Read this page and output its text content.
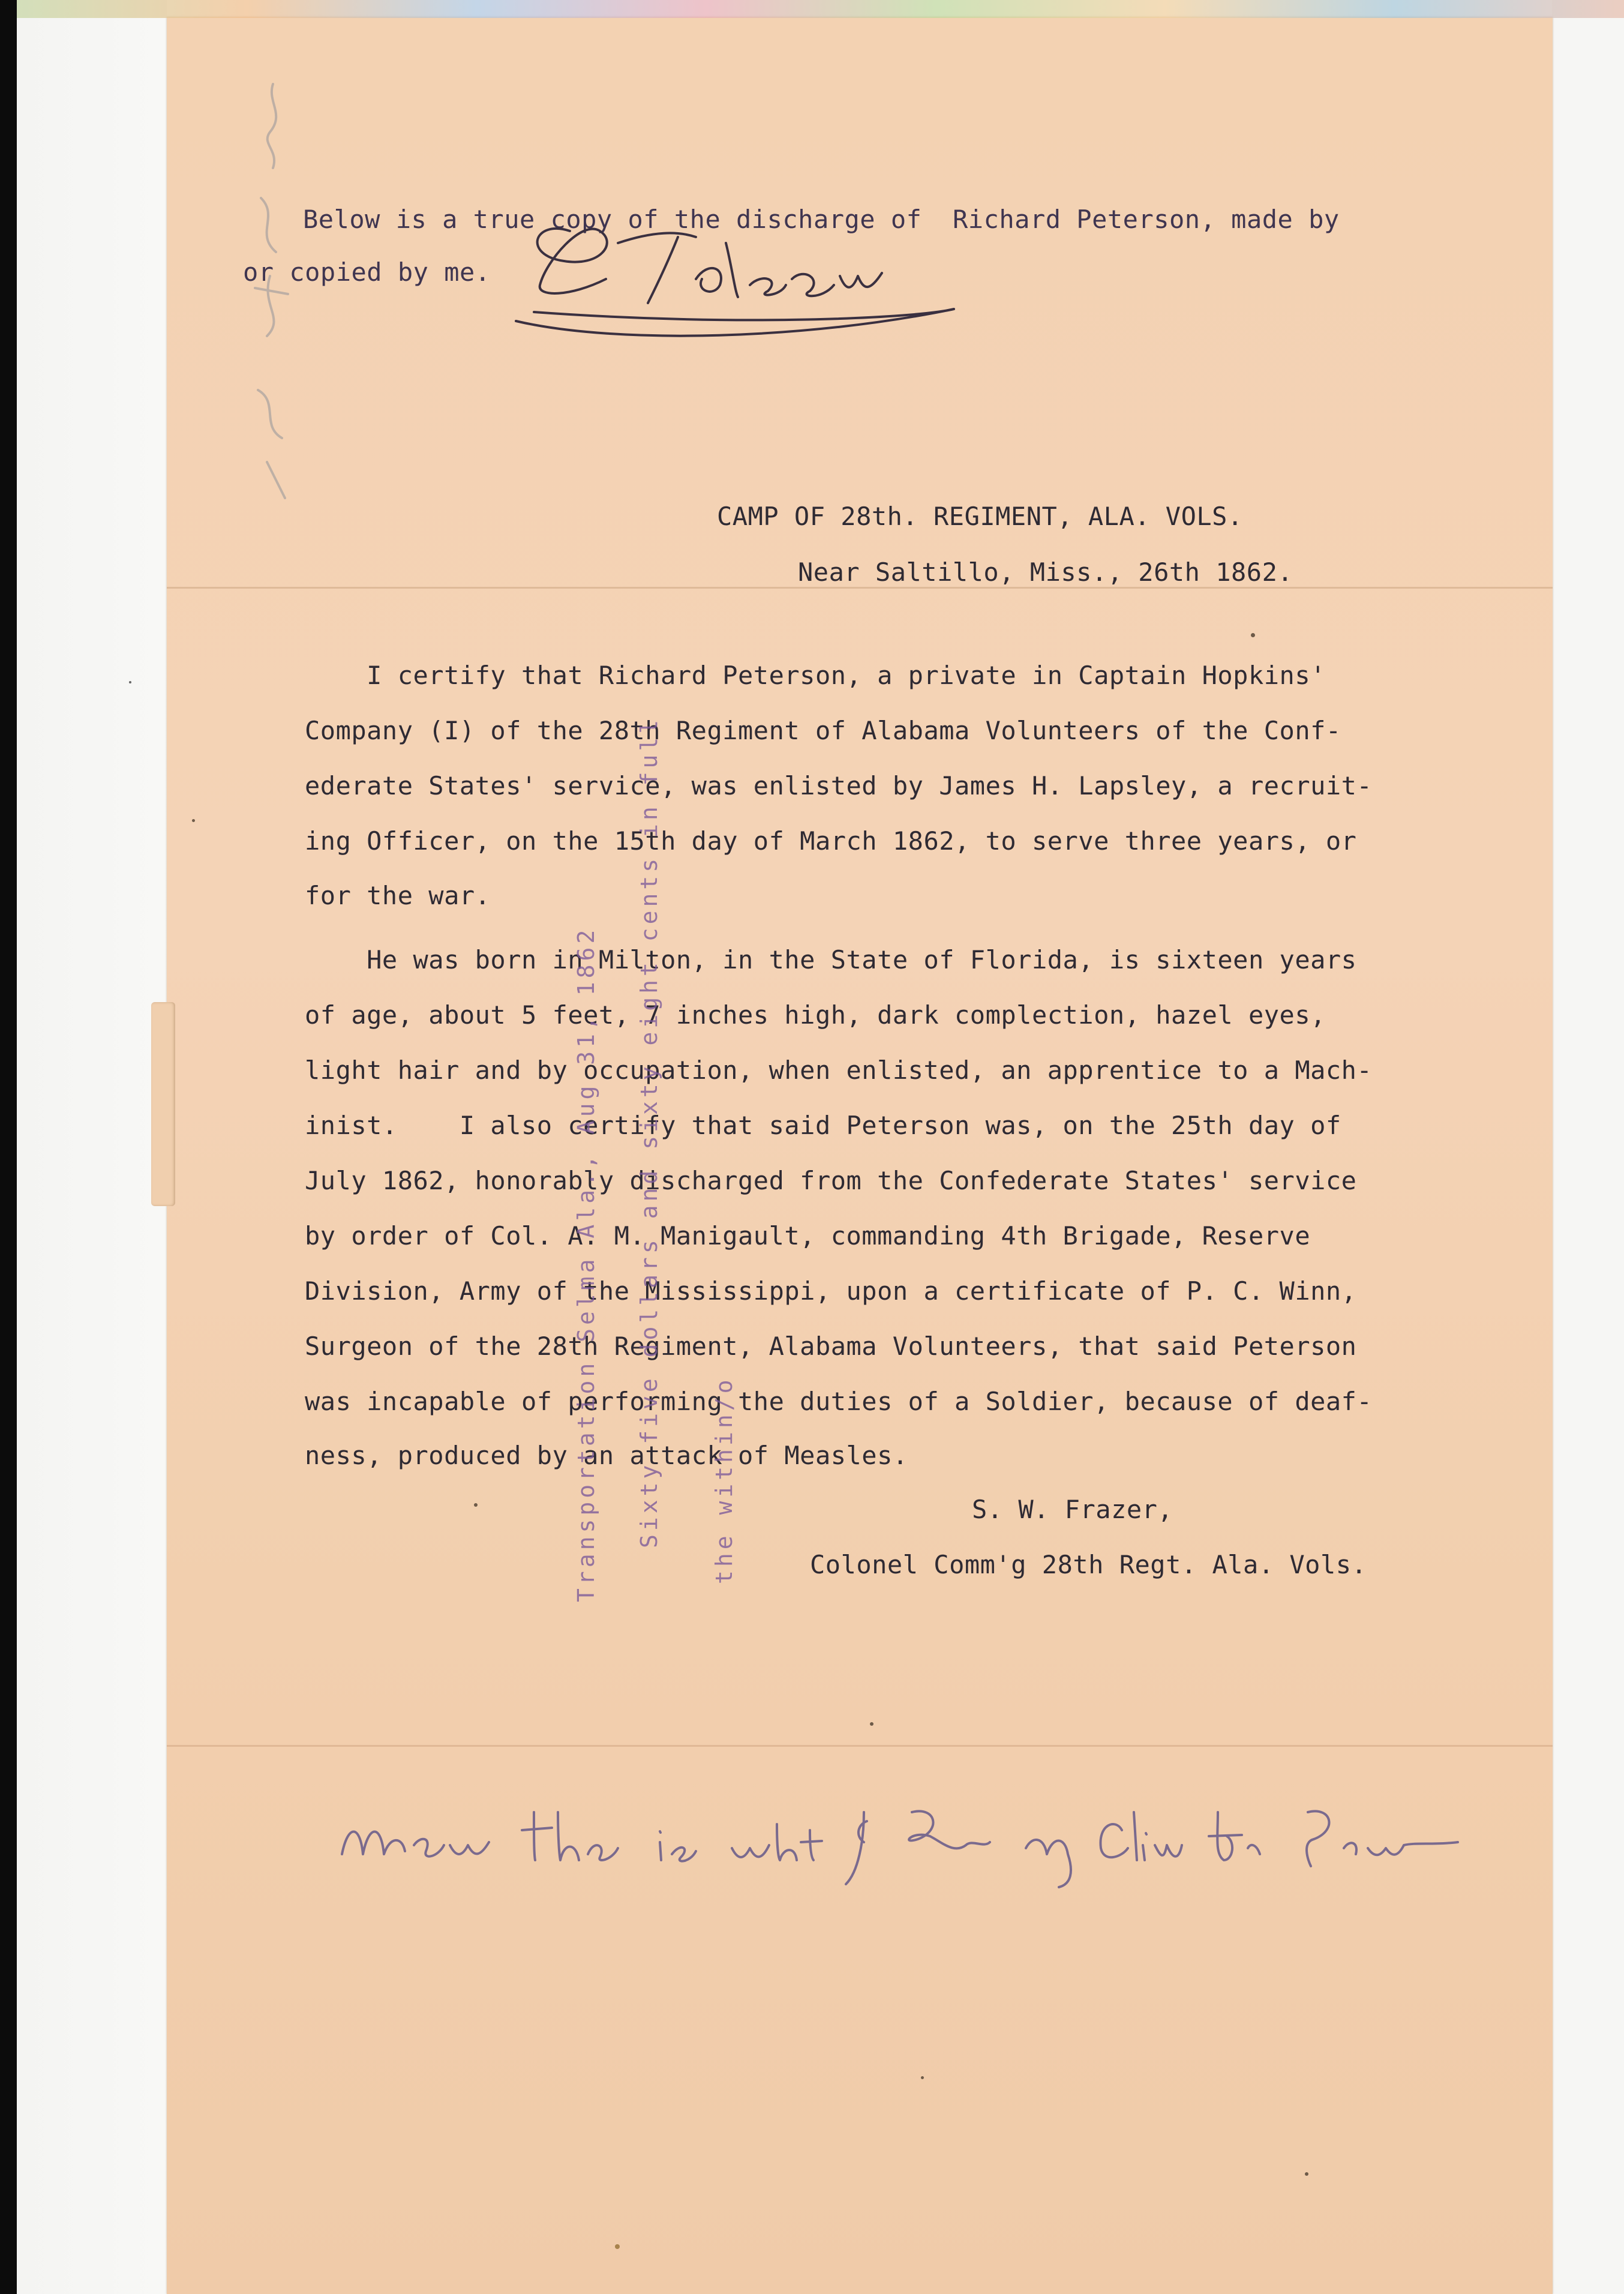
Below is a true copy of the discharge of  Richard Peterson, made by
or copied by me.
CAMP OF 28th. REGIMENT, ALA. VOLS.
Near Saltillo, Miss., 26th 1862.
I certify that Richard Peterson, a private in Captain Hopkins'
Company (I) of the 28th Regiment of Alabama Volunteers of the Conf-
ederate States' service, was enlisted by James H. Lapsley, a recruit-
ing Officer, on the 15th day of March 1862, to serve three years, or
for the war.
He was born in Milton, in the State of Florida, is sixteen years
of age, about 5 feet, 7 inches high, dark complection, hazel eyes,
light hair and by occupation, when enlisted, an apprentice to a Mach-
inist.    I also certify that said Peterson was, on the 25th day of
July 1862, honorably discharged from the Confederate States' service
by order of Col. A. M. Manigault, commanding 4th Brigade, Reserve
Division, Army of the Mississippi, upon a certificate of P. C. Winn,
Surgeon of the 28th Regiment, Alabama Volunteers, that said Peterson
was incapable of performing the duties of a Soldier, because of deaf-
ness, produced by an attack of Measles.
S. W. Frazer,
Colonel Comm'g 28th Regt. Ala. Vols.
Transportation Selma Ala., Aug 31, 1862 Sixty five dollars and sixty eight cents in full the within/o
